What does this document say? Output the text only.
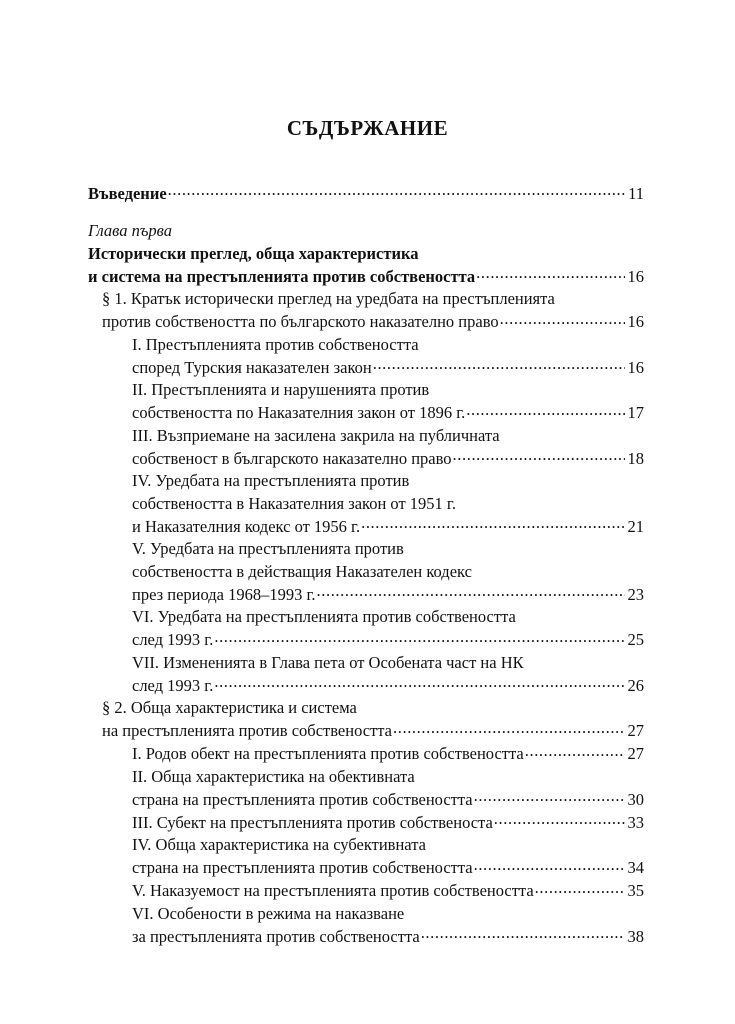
СЪДЪРЖАНИЕ
Въведение .....	11
Глава първа
Исторически преглед, обща характеристика
и система на престъпленията против собствеността .....	16
§ 1. Кратък исторически преглед на уредбата на престъпленията
против собствеността по българското наказателно право .....	16
I. Престъпленията против собствеността
според Турския наказателен закон .....	16
II. Престъпленията и нарушенията против
собствеността по Наказателния закон от 1896 г. .....	17
III. Възприемане на засилена закрила на публичната
собственост в българското наказателно право .....	18
IV. Уредбата на престъпленията против
собствеността в Наказателния закон от 1951 г.
и Наказателния кодекс от 1956 г. .....	21
V. Уредбата на престъпленията против
собствеността в действащия Наказателен кодекс
през периода 1968–1993 г. .....	23
VI. Уредбата на престъпленията против собствеността
след 1993 г. .....	25
VII. Измененията в Глава пета от Особената част на НК
след 1993 г. .....	26
§ 2. Обща характеристика и система
на престъпленията против собствеността .....	27
I. Родов обект на престъпленията против собствеността .....	27
II. Обща характеристика на обективната
страна на престъпленията против собствеността .....	30
III. Субект на престъпленията против собственоста .....	33
IV. Обща характеристика на субективната
страна на престъпленията против собствеността .....	34
V. Наказуемост на престъпленията против собствеността .....	35
VI. Особености в режима на наказване
за престъпленията против собствеността .....	38
